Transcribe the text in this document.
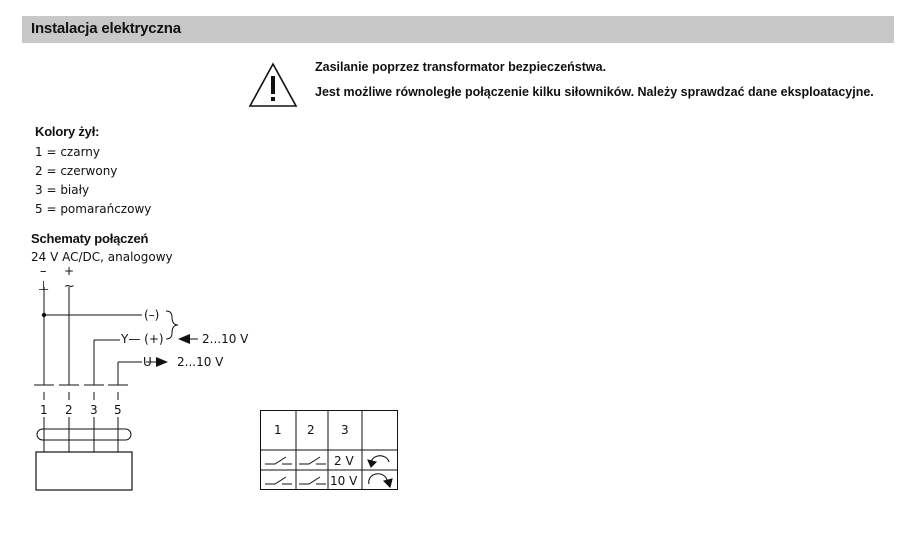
Instalacja elektryczna
Zasilanie poprzez transformator bezpieczeństwa.
Jest możliwe równoległe połączenie kilku siłowników. Należy sprawdzać dane eksploatacyjne.
Kolory żył:
1 = czarny
2 = czerwony
3 = biały
5 = pomarańczowy
Schematy połączeń
24 V AC/DC, analogowy
– +
⊥ ~
(–)
Y— (+)	2...10 V
U 2...10 V
1 2 3 5
1 2 3
2 V
10 V
